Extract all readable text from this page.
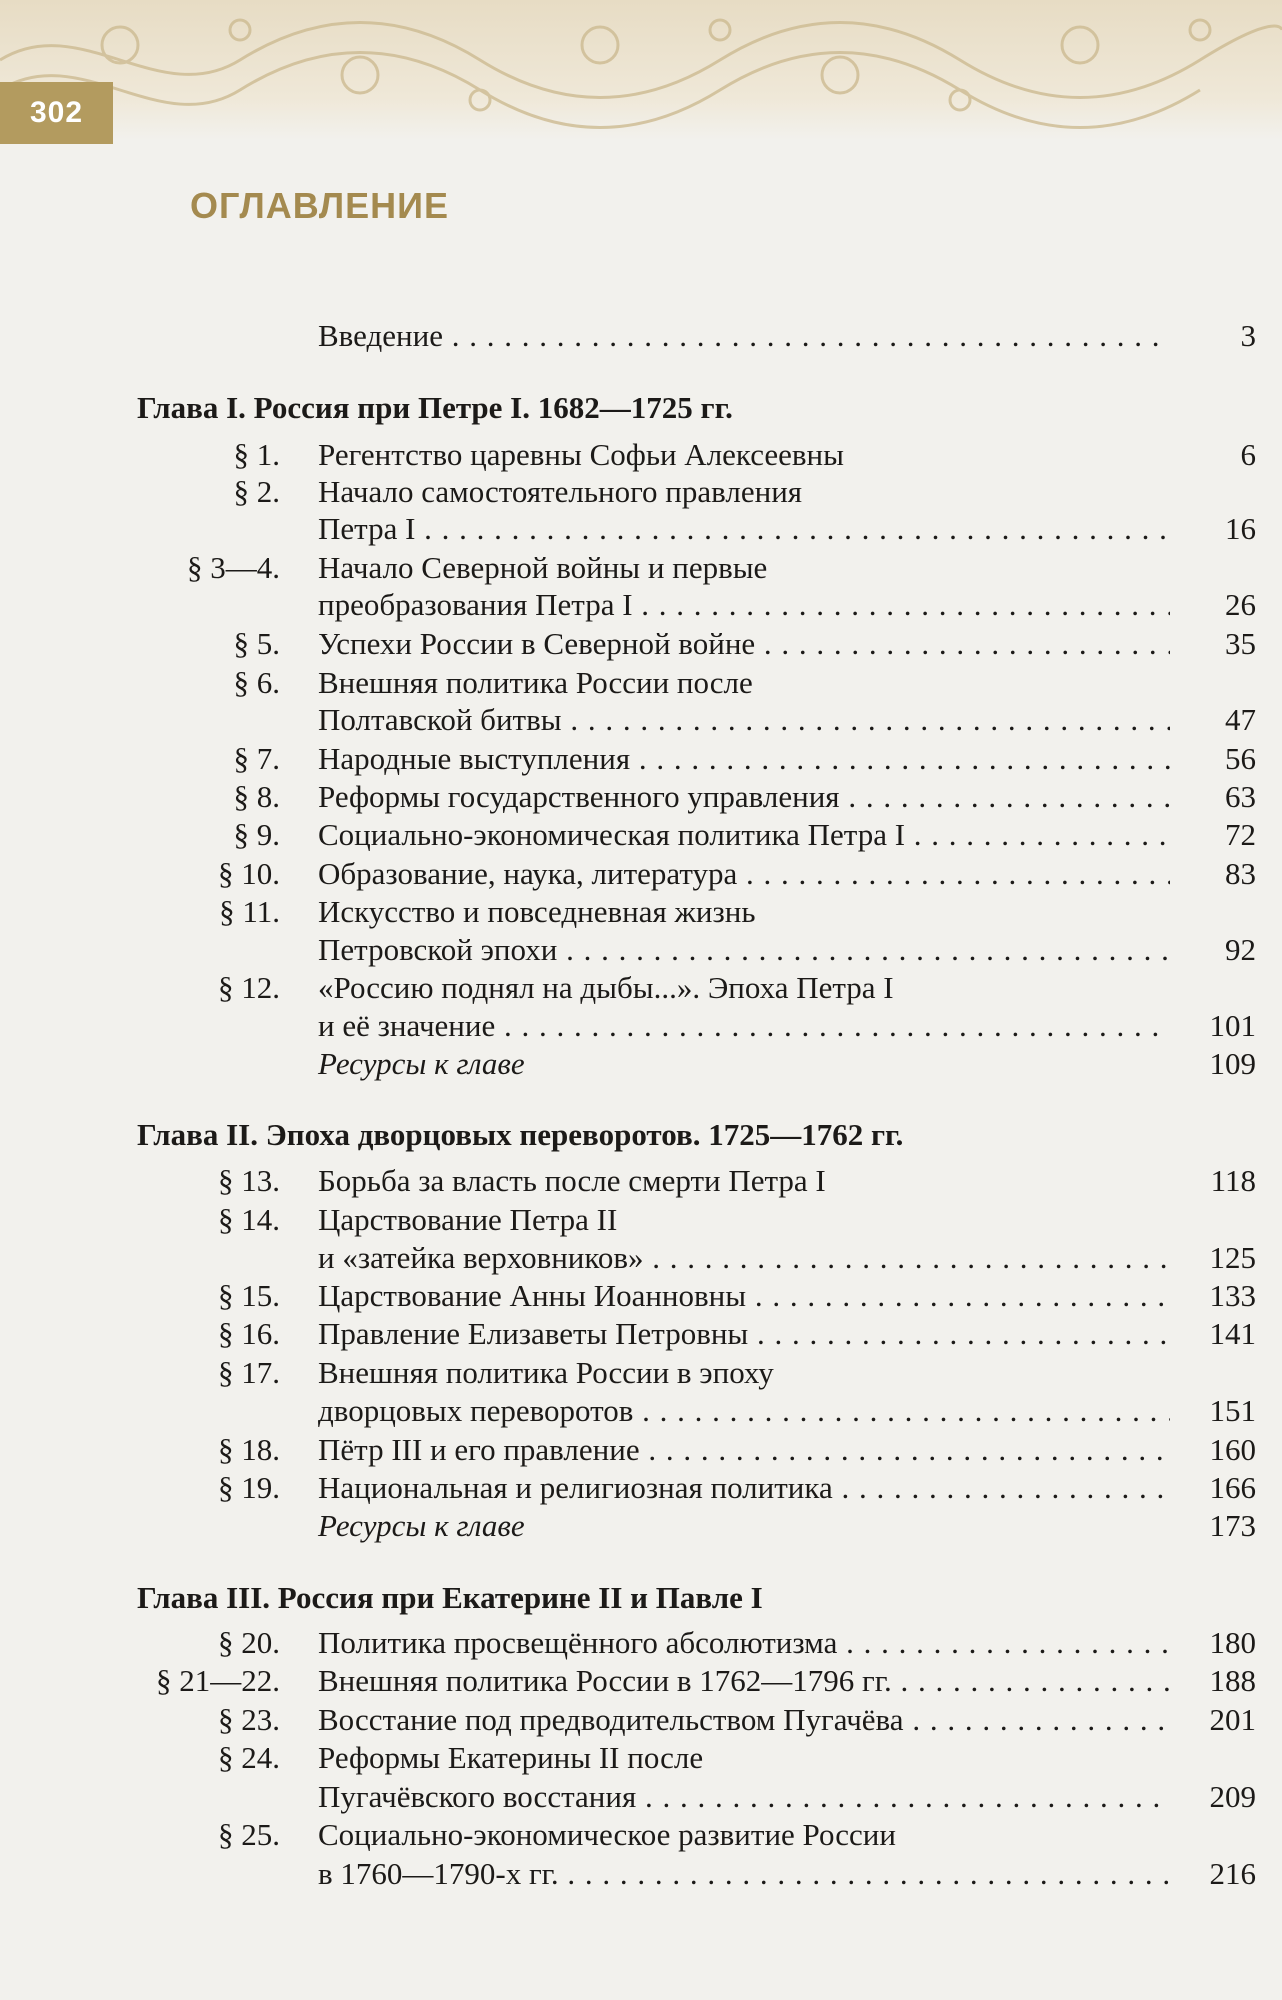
302
ОГЛАВЛЕНИЕ
Введение . . .	3
Глава I. Россия при Петре I. 1682—1725 гг.
§ 1. Регентство царевны Софьи Алексеевны	6
§ 2. Начало самостоятельного правления
Петра I . . .	16
§ 3—4. Начало Северной войны и первые
преобразования Петра I . . .	26
§ 5. Успехи России в Северной войне . . .	35
§ 6. Внешняя политика России после
Полтавской битвы . . .	47
§ 7. Народные выступления . . .	56
§ 8. Реформы государственного управления . . .	63
§ 9. Социально-экономическая политика Петра I . . .	72
§ 10. Образование, наука, литература . . .	83
§ 11. Искусство и повседневная жизнь
Петровской эпохи . . .	92
§ 12. «Россию поднял на дыбы...». Эпоха Петра I
и её значение . . .	101
Ресурсы к главе	109
Глава II. Эпоха дворцовых переворотов. 1725—1762 гг.
§ 13. Борьба за власть после смерти Петра I	118
§ 14. Царствование Петра II
и «затейка верховников» . . .	125
§ 15. Царствование Анны Иоанновны . . .	133
§ 16. Правление Елизаветы Петровны . . .	141
§ 17. Внешняя политика России в эпоху
дворцовых переворотов . . .	151
§ 18. Пётр III и его правление . . .	160
§ 19. Национальная и религиозная политика . . .	166
Ресурсы к главе	173
Глава III. Россия при Екатерине II и Павле I
§ 20. Политика просвещённого абсолютизма . . .	180
§ 21—22. Внешняя политика России в 1762—1796 гг. . . .	188
§ 23. Восстание под предводительством Пугачёва . . .	201
§ 24. Реформы Екатерины II после
Пугачёвского восстания . . .	209
§ 25. Социально-экономическое развитие России
в 1760—1790-х гг. . . .	216
